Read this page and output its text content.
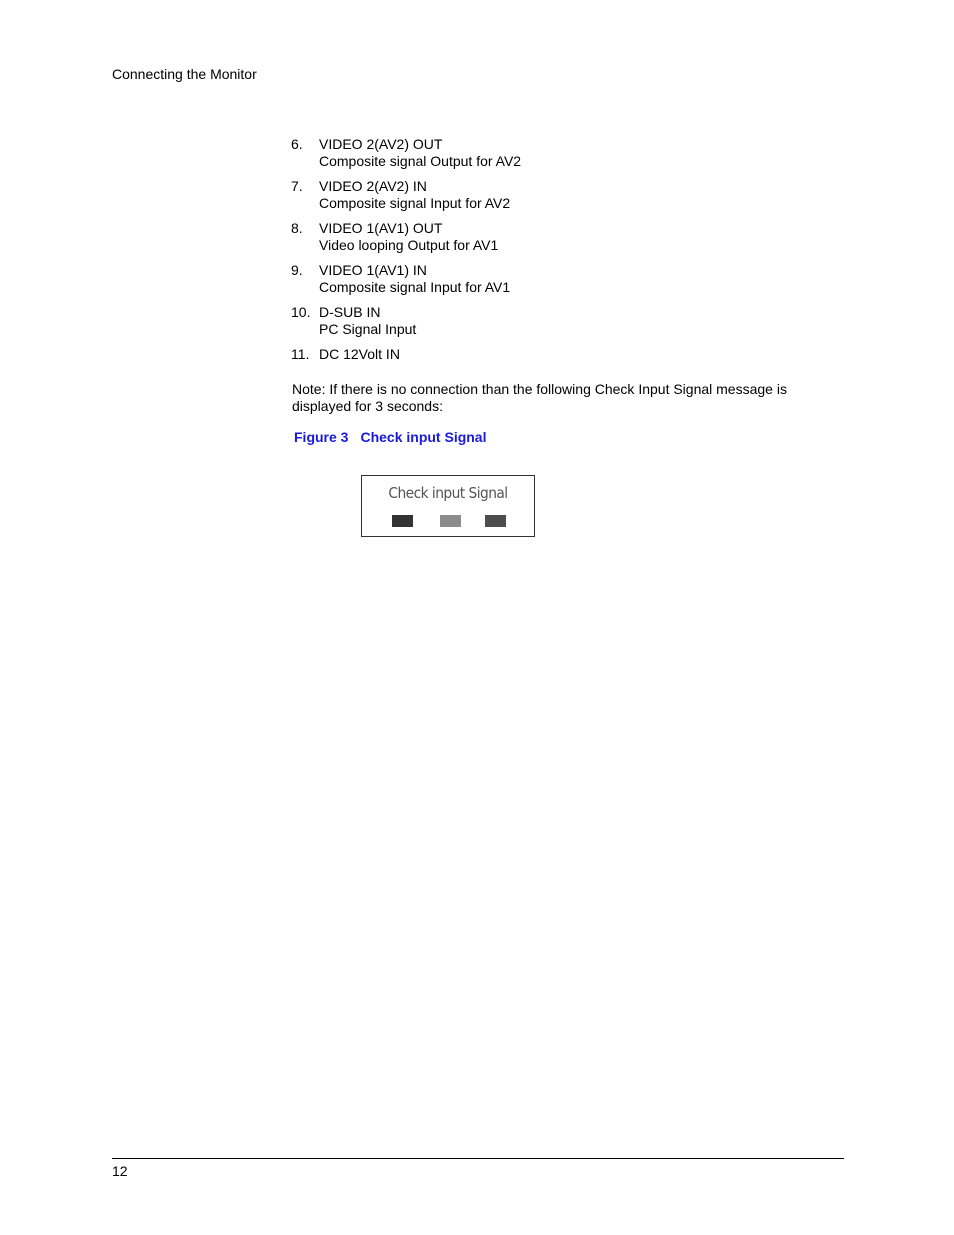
Connecting the Monitor
6.	VIDEO 2(AV2) OUT
Composite signal Output for AV2
7.	VIDEO 2(AV2) IN
Composite signal Input for AV2
8.	VIDEO 1(AV1) OUT
Video looping Output for AV1
9.	VIDEO 1(AV1) IN
Composite signal Input for AV1
10. D-SUB IN
PC Signal Input
11. DC 12Volt IN

Note: If there is no connection than the following Check Input Signal message is displayed for 3 seconds:

Figure 3 Check input Signal
Check input Signal
12
